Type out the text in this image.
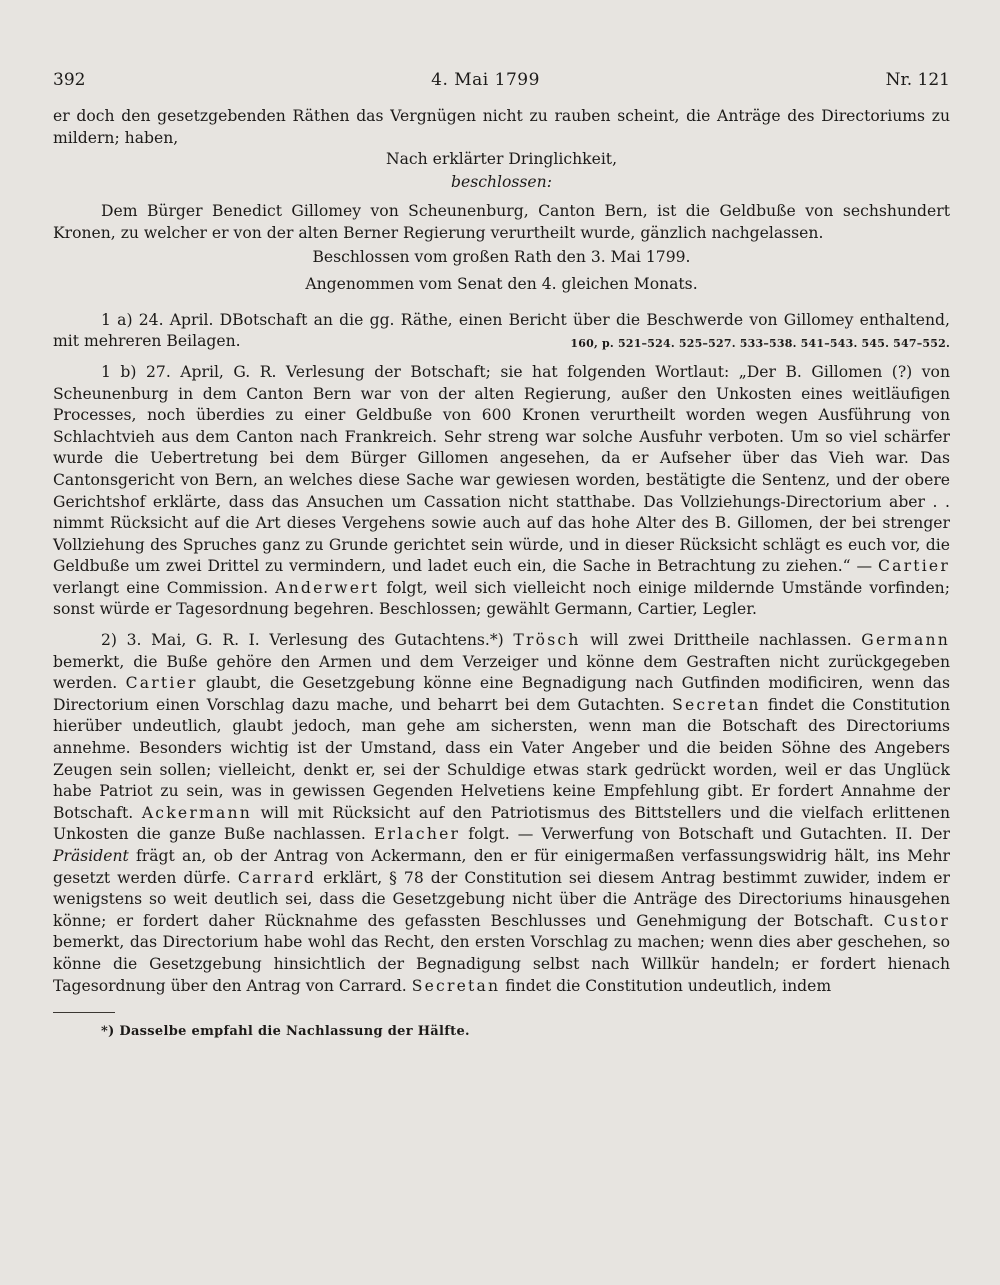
392	4. Mai 1799	Nr. 121

er doch den gesetzgebenden Räthen das Vergnügen nicht zu rauben scheint, die Anträge des Directoriums zu mildern; haben,

Nach erklärter Dringlichkeit,

beschlossen:

Dem Bürger Benedict Gillomey von Scheunenburg, Canton Bern, ist die Geldbuße von sechshundert Kronen, zu welcher er von der alten Berner Regierung verurtheilt wurde, gänzlich nachgelassen.

Beschlossen vom großen Rath den 3. Mai 1799.

Angenommen vom Senat den 4. gleichen Monats.

1 a) 24. April. DBotschaft an die gg. Räthe, einen Bericht über die Beschwerde von Gillomey enthaltend, mit mehreren Beilagen.	160, p. 521–524. 525–527. 533–538. 541–543. 545. 547–552.

1 b) 27. April, G. R. Verlesung der Botschaft; sie hat folgenden Wortlaut: „Der B. Gillomen (?) von Scheunenburg in dem Canton Bern war von der alten Regierung, außer den Unkosten eines weitläufigen Processes, noch überdies zu einer Geldbuße von 600 Kronen verurtheilt worden wegen Ausführung von Schlachtvieh aus dem Canton nach Frankreich. Sehr streng war solche Ausfuhr verboten. Um so viel schärfer wurde die Uebertretung bei dem Bürger Gillomen angesehen, da er Aufseher über das Vieh war. Das Cantonsgericht von Bern, an welches diese Sache war gewiesen worden, bestätigte die Sentenz, und der obere Gerichtshof erklärte, dass das Ansuchen um Cassation nicht statthabe. Das Vollziehungs-Directorium aber . . nimmt Rücksicht auf die Art dieses Vergehens sowie auch auf das hohe Alter des B. Gillomen, der bei strenger Vollziehung des Spruches ganz zu Grunde gerichtet sein würde, und in dieser Rücksicht schlägt es euch vor, die Geldbuße um zwei Drittel zu vermindern, und ladet euch ein, die Sache in Betrachtung zu ziehen.“ — Cartier verlangt eine Commission. Anderwert folgt, weil sich vielleicht noch einige mildernde Umstände vorfinden; sonst würde er Tagesordnung begehren. Beschlossen; gewählt Germann, Cartier, Legler.

2) 3. Mai, G. R. I. Verlesung des Gutachtens.*) Trösch will zwei Drittheile nachlassen. Germann bemerkt, die Buße gehöre den Armen und dem Verzeiger und könne dem Gestraften nicht zurückgegeben werden. Cartier glaubt, die Gesetzgebung könne eine Begnadigung nach Gutfinden modificiren, wenn das Directorium einen Vorschlag dazu mache, und beharrt bei dem Gutachten. Secretan findet die Constitution hierüber undeutlich, glaubt jedoch, man gehe am sichersten, wenn man die Botschaft des Directoriums annehme. Besonders wichtig ist der Umstand, dass ein Vater Angeber und die beiden Söhne des Angebers Zeugen sein sollen; vielleicht, denkt er, sei der Schuldige etwas stark gedrückt worden, weil er das Unglück habe Patriot zu sein, was in gewissen Gegenden Helvetiens keine Empfehlung gibt. Er fordert Annahme der Botschaft. Ackermann will mit Rücksicht auf den Patriotismus des Bittstellers und die vielfach erlittenen Unkosten die ganze Buße nachlassen. Erlacher folgt. — Verwerfung von Botschaft und Gutachten. II. Der Präsident frägt an, ob der Antrag von Ackermann, den er für einigermaßen verfassungswidrig hält, ins Mehr gesetzt werden dürfe. Carrard erklärt, § 78 der Constitution sei diesem Antrag bestimmt zuwider, indem er wenigstens so weit deutlich sei, dass die Gesetzgebung nicht über die Anträge des Directoriums hinausgehen könne; er fordert daher Rücknahme des gefassten Beschlusses und Genehmigung der Botschaft. Custor bemerkt, das Directorium habe wohl das Recht, den ersten Vorschlag zu machen; wenn dies aber geschehen, so könne die Gesetzgebung hinsichtlich der Begnadigung selbst nach Willkür handeln; er fordert hienach Tagesordnung über den Antrag von Carrard. Secretan findet die Constitution undeutlich, indem

*) Dasselbe empfahl die Nachlassung der Hälfte.
